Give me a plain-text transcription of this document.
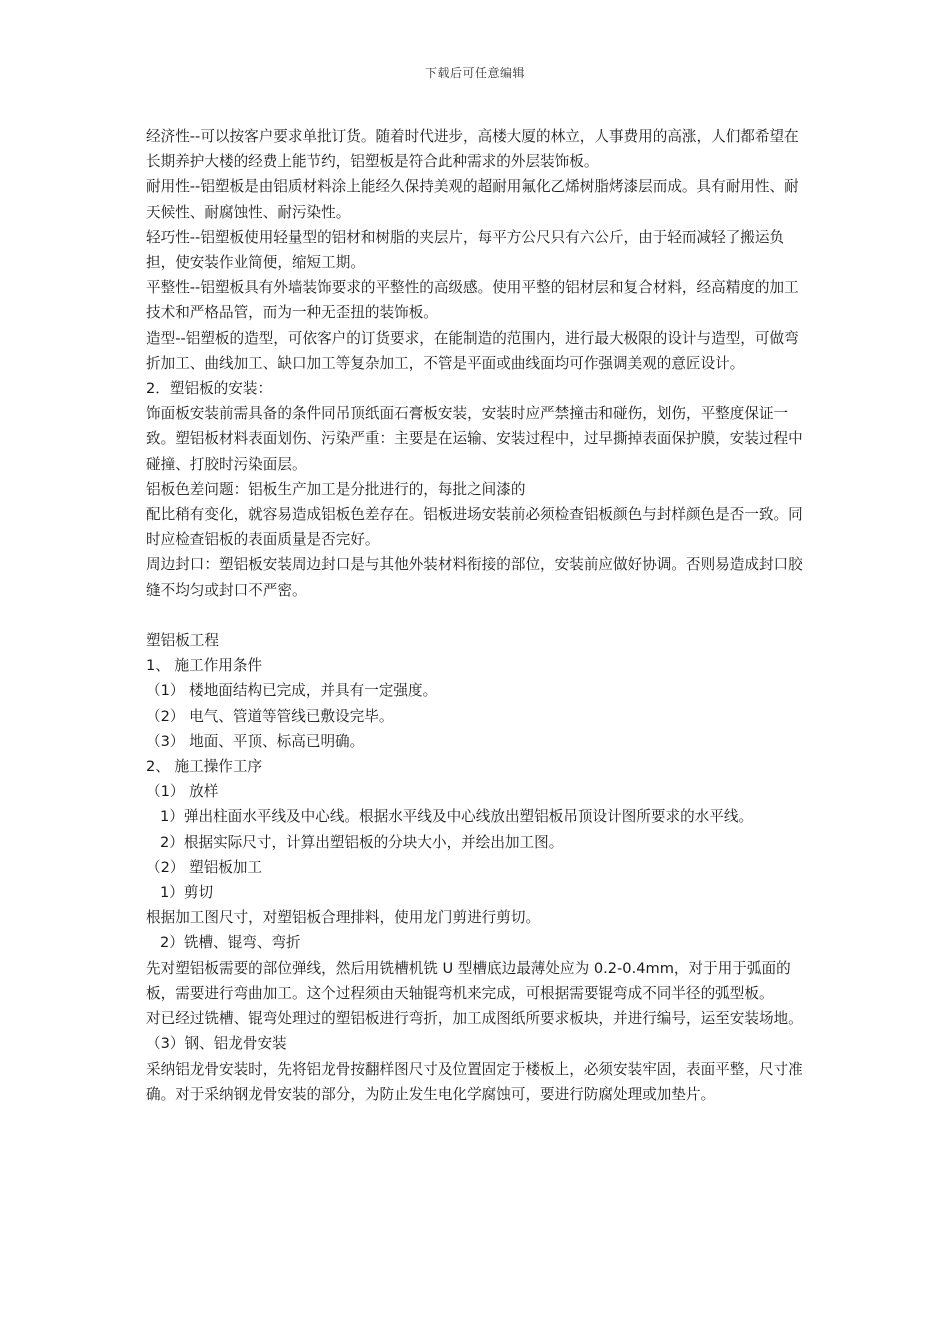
下载后可任意编辑

经济性--可以按客户要求单批订货。随着时代进步，高楼大厦的林立，人事费用的高涨，人们都希望在长期养护大楼的经费上能节约，铝塑板是符合此种需求的外层装饰板。

耐用性--铝塑板是由铝质材料涂上能经久保持美观的超耐用氟化乙烯树脂烤漆层而成。具有耐用性、耐天候性、耐腐蚀性、耐污染性。

轻巧性--铝塑板使用轻量型的铝材和树脂的夹层片，每平方公尺只有六公斤，由于轻而减轻了搬运负担，使安装作业简便，缩短工期。

平整性--铝塑板具有外墙装饰要求的平整性的高级感。使用平整的铝材层和复合材料，经高精度的加工技术和严格品管，而为一种无歪扭的装饰板。

造型--铝塑板的造型，可依客户的订货要求，在能制造的范围内，进行最大极限的设计与造型，可做弯折加工、曲线加工、缺口加工等复杂加工，不管是平面或曲线面均可作强调美观的意匠设计。

2．塑铝板的安装：

饰面板安装前需具备的条件同吊顶纸面石膏板安装，安装时应严禁撞击和碰伤，划伤，平整度保证一致。塑铝板材料表面划伤、污染严重：主要是在运输、安装过程中，过早撕掉表面保护膜，安装过程中碰撞、打胶时污染面层。

铝板色差问题：铝板生产加工是分批进行的，每批之间漆的

配比稍有变化，就容易造成铝板色差存在。铝板进场安装前必须检查铝板颜色与封样颜色是否一致。同时应检查铝板的表面质量是否完好。

周边封口：塑铝板安装周边封口是与其他外装材料衔接的部位，安装前应做好协调。否则易造成封口胶缝不均匀或封口不严密。

塑铝板工程

1、 施工作用条件

（1） 楼地面结构已完成，并具有一定强度。

（2） 电气、管道等管线已敷设完毕。

（3） 地面、平顶、标高已明确。

2、 施工操作工序

（1） 放样

1）弹出柱面水平线及中心线。根据水平线及中心线放出塑铝板吊顶设计图所要求的水平线。

2）根据实际尺寸，计算出塑铝板的分块大小，并绘出加工图。

（2） 塑铝板加工

1）剪切

根据加工图尺寸，对塑铝板合理排料，使用龙门剪进行剪切。

2）铣槽、锟弯、弯折

先对塑铝板需要的部位弹线，然后用铣槽机铣 U 型槽底边最薄处应为 0.2-0.4mm，对于用于弧面的板，需要进行弯曲加工。这个过程须由天轴锟弯机来完成，可根据需要锟弯成不同半径的弧型板。

对已经过铣槽、锟弯处理过的塑铝板进行弯折，加工成图纸所要求板块，并进行编号，运至安装场地。

（3）钢、铝龙骨安装

采纳铝龙骨安装时，先将铝龙骨按翻样图尺寸及位置固定于楼板上，必须安装牢固，表面平整，尺寸准确。对于采纳钢龙骨安装的部分，为防止发生电化学腐蚀可，要进行防腐处理或加垫片。
